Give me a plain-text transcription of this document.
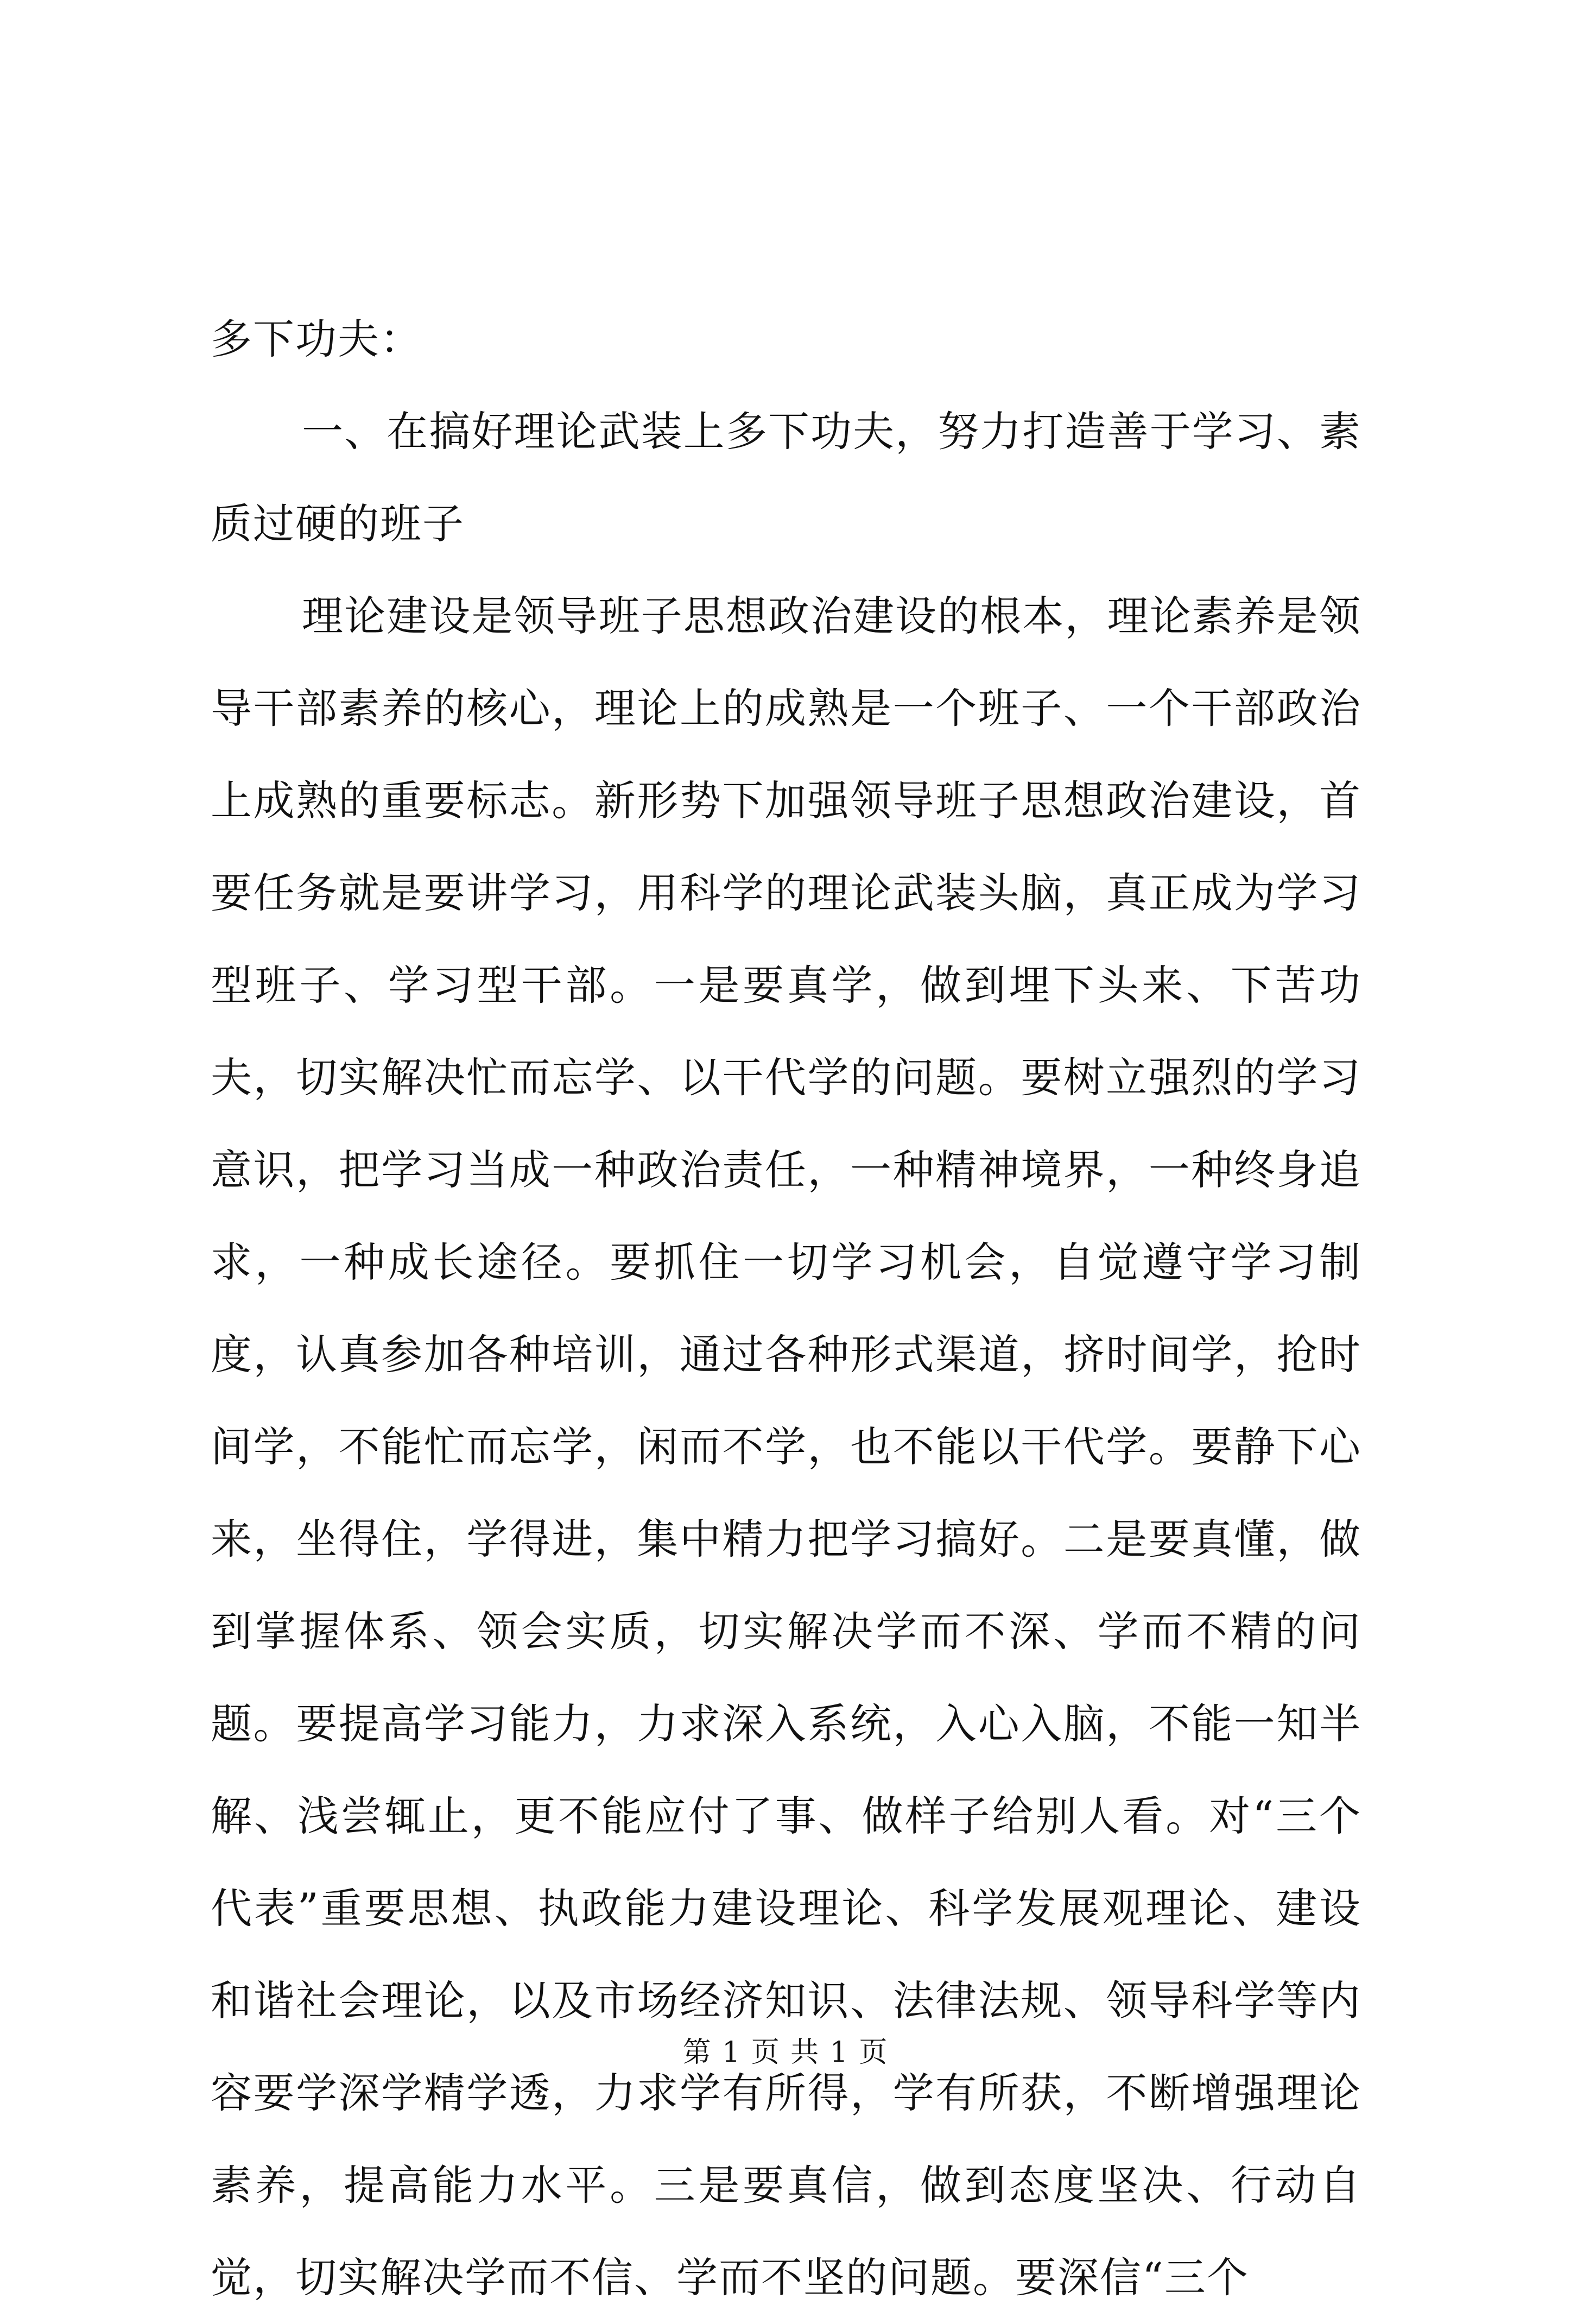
多下功夫：

一、在搞好理论武装上多下功夫，努力打造善于学习、素质过硬的班子

理论建设是领导班子思想政治建设的根本，理论素养是领导干部素养的核心，理论上的成熟是一个班子、一个干部政治上成熟的重要标志。新形势下加强领导班子思想政治建设，首要任务就是要讲学习，用科学的理论武装头脑，真正成为学习型班子、学习型干部。一是要真学，做到埋下头来、下苦功夫，切实解决忙而忘学、以干代学的问题。要树立强烈的学习意识，把学习当成一种政治责任，一种精神境界，一种终身追求，一种成长途径。要抓住一切学习机会，自觉遵守学习制度，认真参加各种培训，通过各种形式渠道，挤时间学，抢时间学，不能忙而忘学，闲而不学，也不能以干代学。要静下心来，坐得住，学得进，集中精力把学习搞好。二是要真懂，做到掌握体系、领会实质，切实解决学而不深、学而不精的问题。要提高学习能力，力求深入系统，入心入脑，不能一知半解、浅尝辄止，更不能应付了事、做样子给别人看。对“三个代表”重要思想、执政能力建设理论、科学发展观理论、建设和谐社会理论，以及市场经济知识、法律法规、领导科学等内容要学深学精学透，力求学有所得，学有所获，不断增强理论素养，提高能力水平。三是要真信，做到态度坚决、行动自觉，切实解决学而不信、学而不坚的问题。要深信“三个

第 1 页 共 1 页
